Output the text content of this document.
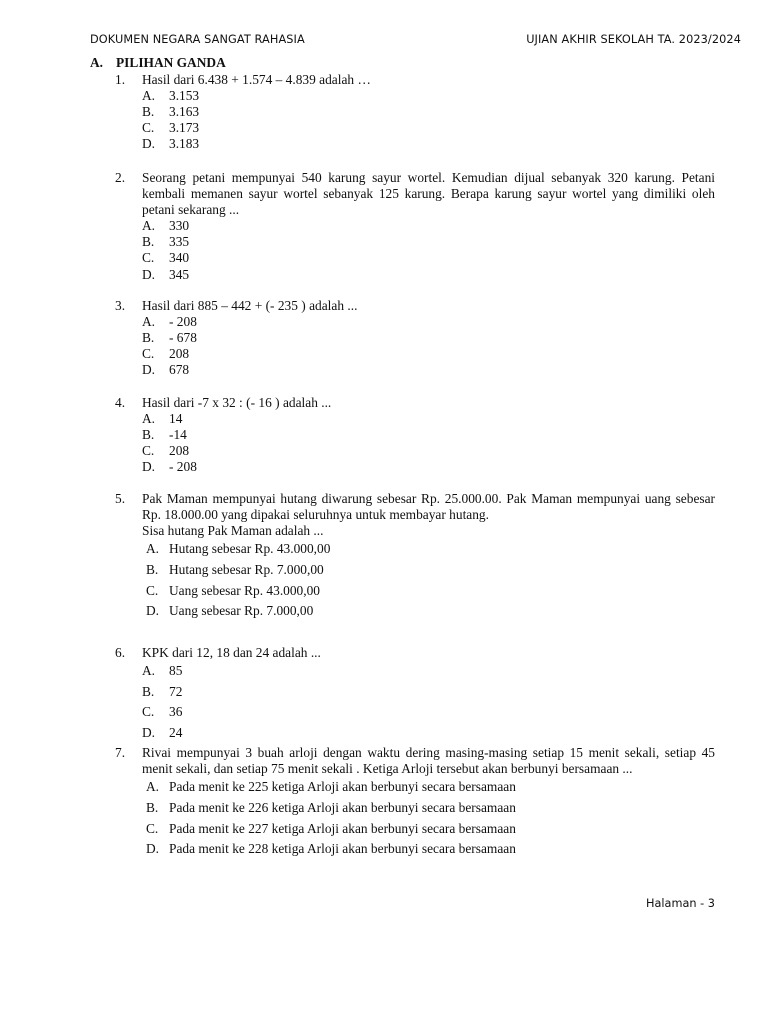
DOKUMEN NEGARA SANGAT RAHASIA	UJIAN AKHIR SEKOLAH TA. 2023/2024
A. PILIHAN GANDA
1. Hasil dari 6.438 + 1.574 – 4.839 adalah …
A. 3.153
B. 3.163
C. 3.173
D. 3.183
2. Seorang petani mempunyai 540 karung sayur wortel. Kemudian dijual sebanyak 320 karung. Petani kembali memanen sayur wortel sebanyak 125 karung. Berapa karung sayur wortel yang dimiliki oleh petani sekarang ...
A. 330
B. 335
C. 340
D. 345
3. Hasil dari 885 – 442 + (- 235 ) adalah ...
A. - 208
B. - 678
C. 208
D. 678
4. Hasil dari -7 x 32 : (- 16 ) adalah ...
A. 14
B. -14
C. 208
D. - 208
5. Pak Maman mempunyai hutang diwarung sebesar Rp. 25.000.00. Pak Maman mempunyai uang sebesar Rp. 18.000.00 yang dipakai seluruhnya untuk membayar hutang.
Sisa hutang Pak Maman adalah ...
A. Hutang sebesar Rp. 43.000,00
B. Hutang sebesar Rp. 7.000,00
C. Uang sebesar Rp. 43.000,00
D. Uang sebesar Rp. 7.000,00
6. KPK dari 12, 18 dan 24 adalah ...
A. 85
B. 72
C. 36
D. 24
7. Rivai mempunyai 3 buah arloji dengan waktu dering masing-masing setiap 15 menit sekali, setiap 45 menit sekali, dan setiap 75 menit sekali . Ketiga Arloji tersebut akan berbunyi bersamaan ...
A. Pada menit ke 225 ketiga Arloji akan berbunyi secara bersamaan
B. Pada menit ke 226 ketiga Arloji akan berbunyi secara bersamaan
C. Pada menit ke 227 ketiga Arloji akan berbunyi secara bersamaan
D. Pada menit ke 228 ketiga Arloji akan berbunyi secara bersamaan
Halaman - 3
